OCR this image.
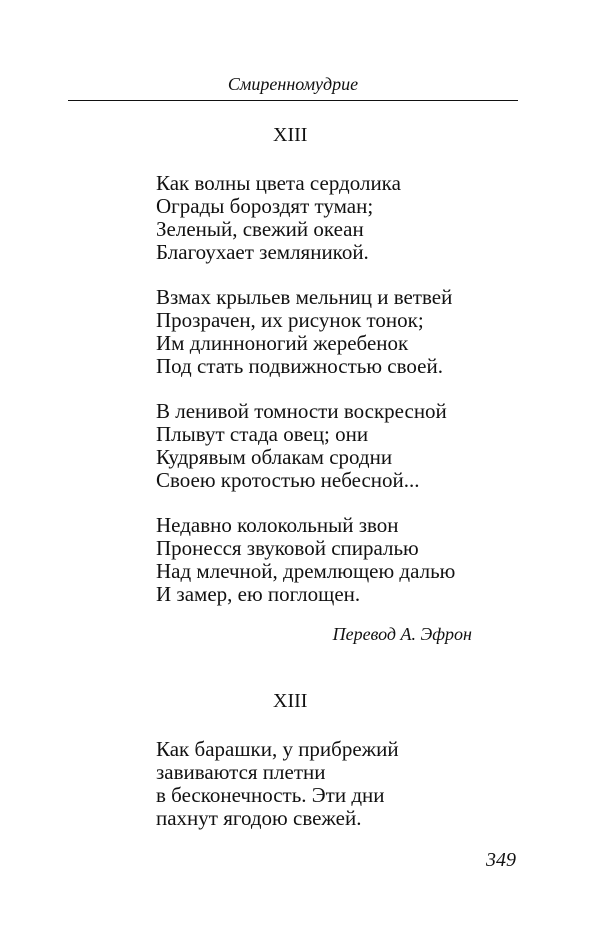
Смиренномудрие
XIII
Как волны цвета сердолика
Ограды бороздят туман;
Зеленый, свежий океан
Благоухает земляникой.
Взмах крыльев мельниц и ветвей
Прозрачен, их рисунок тонок;
Им длинноногий жеребенок
Под стать подвижностью своей.
В ленивой томности воскресной
Плывут стада овец; они
Кудрявым облакам сродни
Своею кротостью небесной...
Недавно колокольный звон
Пронесся звуковой спиралью
Над млечной, дремлющею далью
И замер, ею поглощен.
Перевод А. Эфрон
XIII
Как барашки, у прибрежий
завиваются плетни
в бесконечность. Эти дни
пахнут ягодою свежей.
349
